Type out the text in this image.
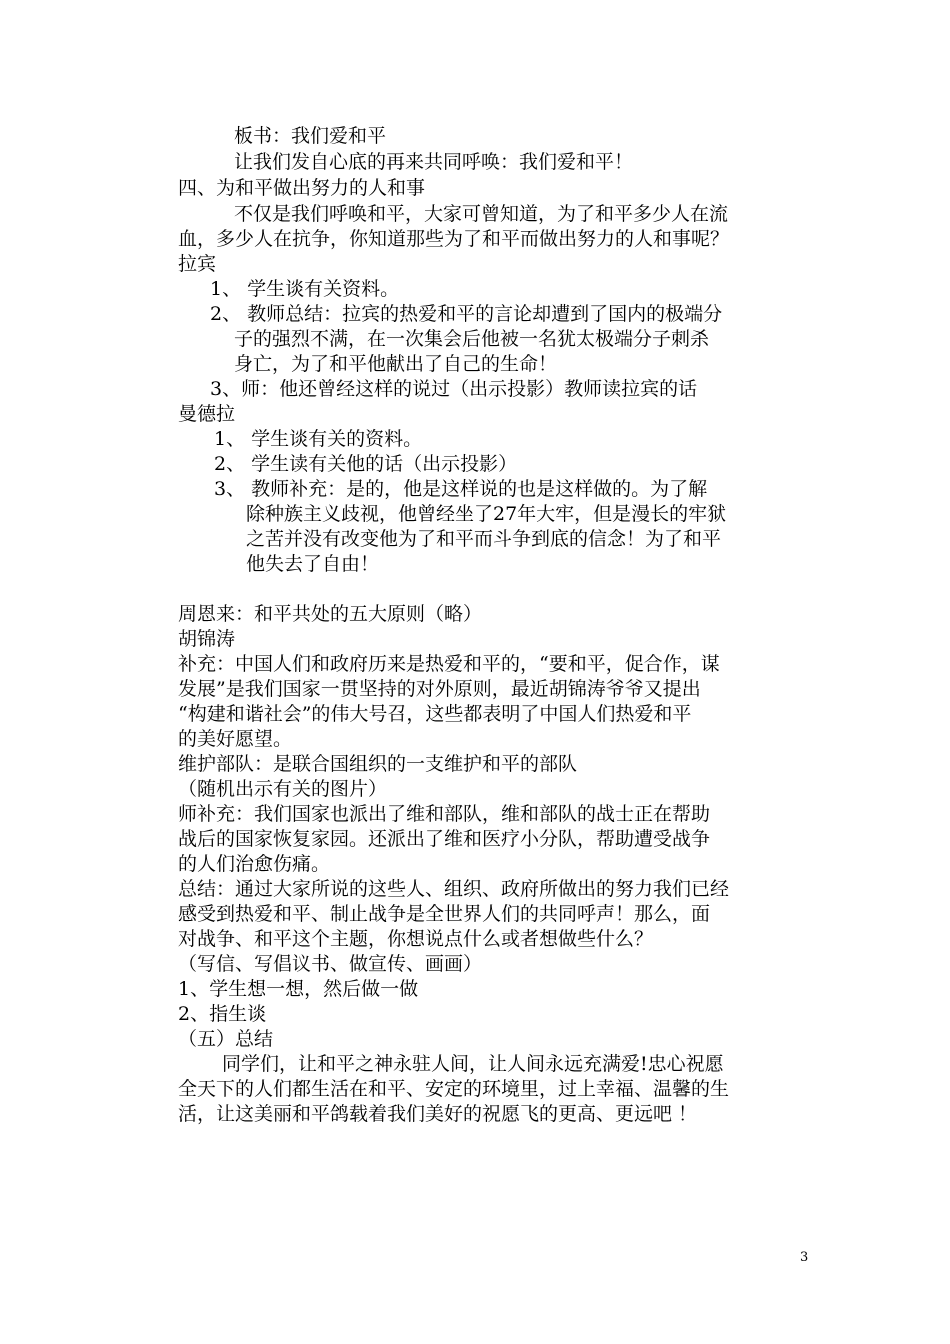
板书：我们爱和平
让我们发自心底的再来共同呼唤：我们爱和平！
四、为和平做出努力的人和事
不仅是我们呼唤和平，大家可曾知道，为了和平多少人在流
血，多少人在抗争，你知道那些为了和平而做出努力的人和事呢？
拉宾
1、 学生谈有关资料。
2、 教师总结：拉宾的热爱和平的言论却遭到了国内的极端分
子的强烈不满，在一次集会后他被一名犹太极端分子刺杀
身亡，为了和平他献出了自己的生命！
3、师：他还曾经这样的说过（出示投影）教师读拉宾的话
曼德拉
1、 学生谈有关的资料。
2、 学生读有关他的话（出示投影）
3、 教师补充：是的，他是这样说的也是这样做的。为了解
除种族主义歧视，他曾经坐了27年大牢，但是漫长的牢狱
之苦并没有改变他为了和平而斗争到底的信念！为了和平
他失去了自由！
周恩来：和平共处的五大原则（略）
胡锦涛
补充：中国人们和政府历来是热爱和平的，“要和平，促合作，谋
发展”是我们国家一贯坚持的对外原则，最近胡锦涛爷爷又提出
“构建和谐社会”的伟大号召，这些都表明了中国人们热爱和平
的美好愿望。
维护部队：是联合国组织的一支维护和平的部队
（随机出示有关的图片）
师补充：我们国家也派出了维和部队，维和部队的战士正在帮助
战后的国家恢复家园。还派出了维和医疗小分队，帮助遭受战争
的人们治愈伤痛。
总结：通过大家所说的这些人、组织、政府所做出的努力我们已经
感受到热爱和平、制止战争是全世界人们的共同呼声！那么，面
对战争、和平这个主题，你想说点什么或者想做些什么？
（写信、写倡议书、做宣传、画画）
1、学生想一想，然后做一做
2、指生谈
（五）总结
同学们，让和平之神永驻人间，让人间永远充满爱!忠心祝愿
全天下的人们都生活在和平、安定的环境里，过上幸福、温馨的生
活，让这美丽和平鸽载着我们美好的祝愿飞的更高、更远吧 ！
3
